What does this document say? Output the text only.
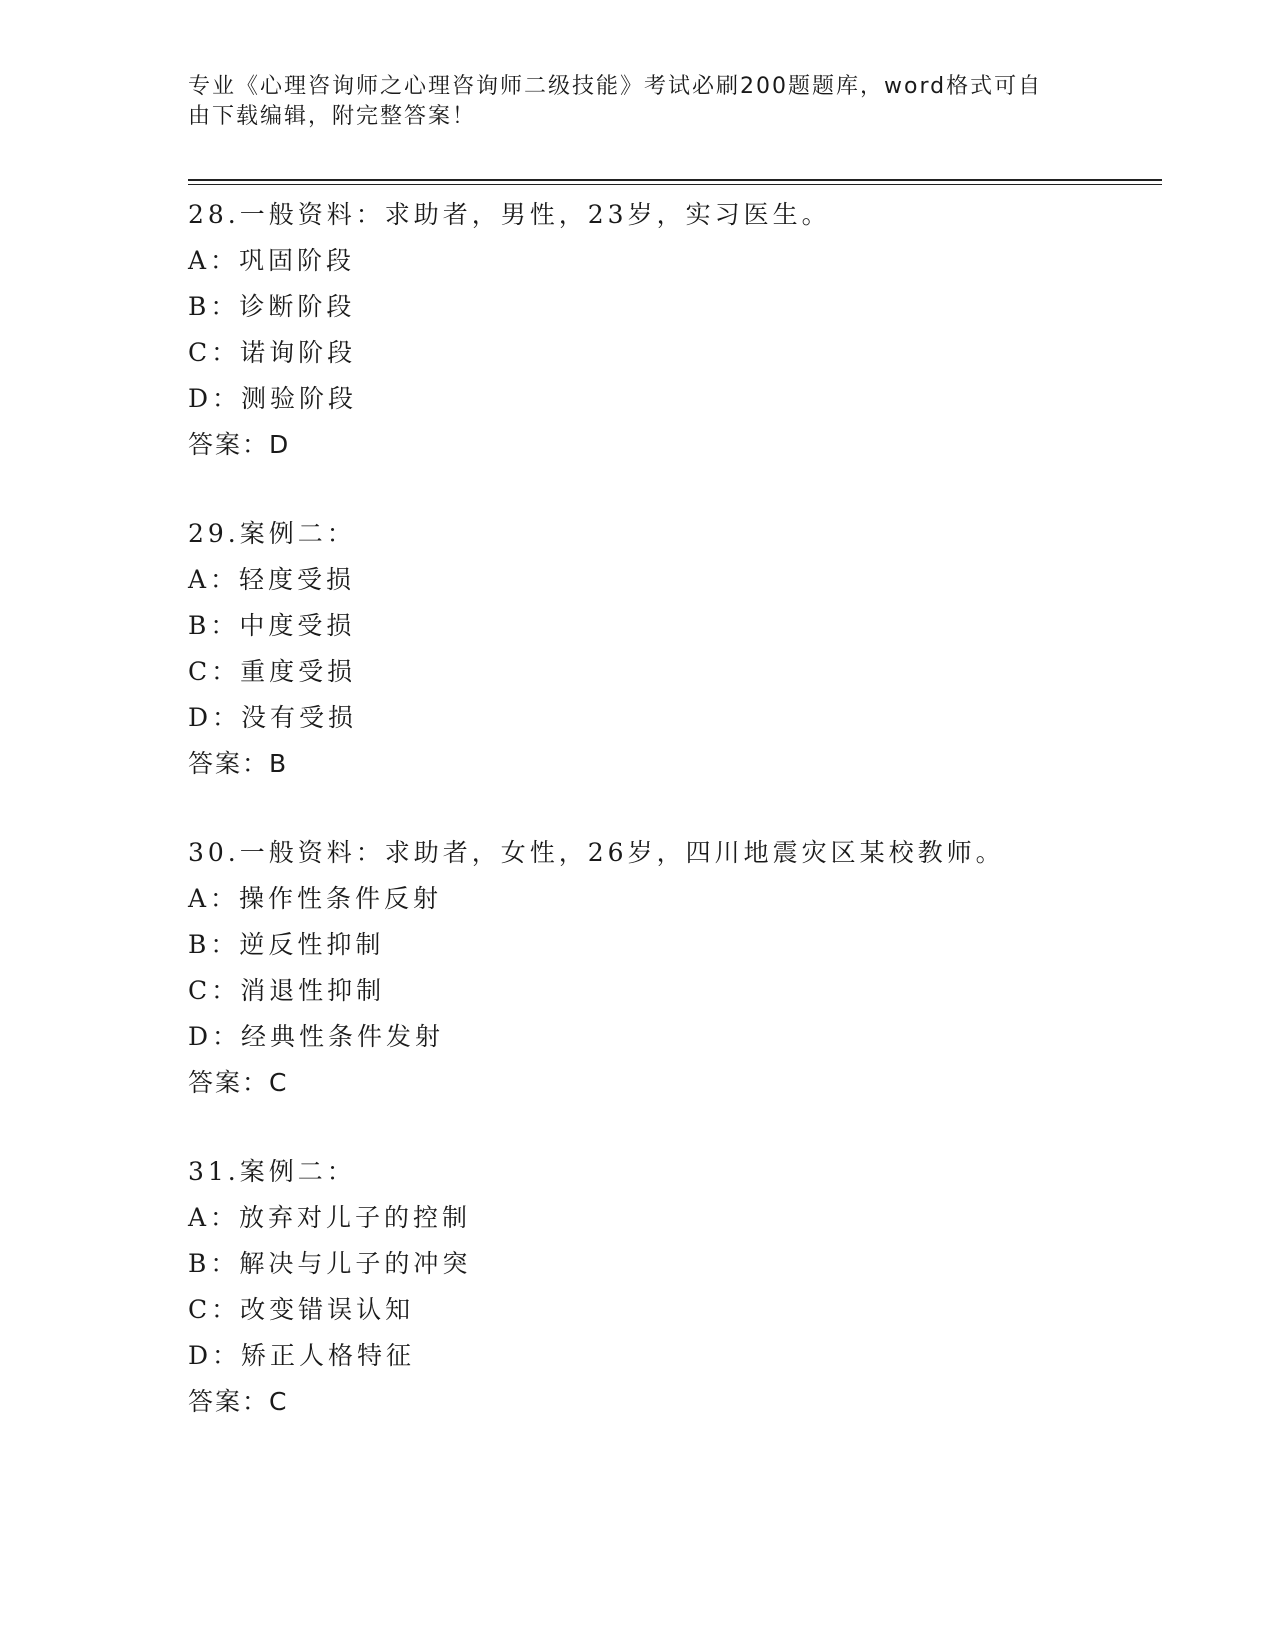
专业《心理咨询师之心理咨询师二级技能》考试必刷200题题库，word格式可自
由下载编辑，附完整答案！
28.一般资料：求助者，男性，23岁，实习医生。
A：巩固阶段
B：诊断阶段
C：诺询阶段
D：测验阶段
答案：D
29.案例二：
A：轻度受损
B：中度受损
C：重度受损
D：没有受损
答案：B
30.一般资料：求助者，女性，26岁，四川地震灾区某校教师。
A：操作性条件反射
B：逆反性抑制
C：消退性抑制
D：经典性条件发射
答案：C
31.案例二：
A：放弃对儿子的控制
B：解决与儿子的冲突
C：改变错误认知
D：矫正人格特征
答案：C
